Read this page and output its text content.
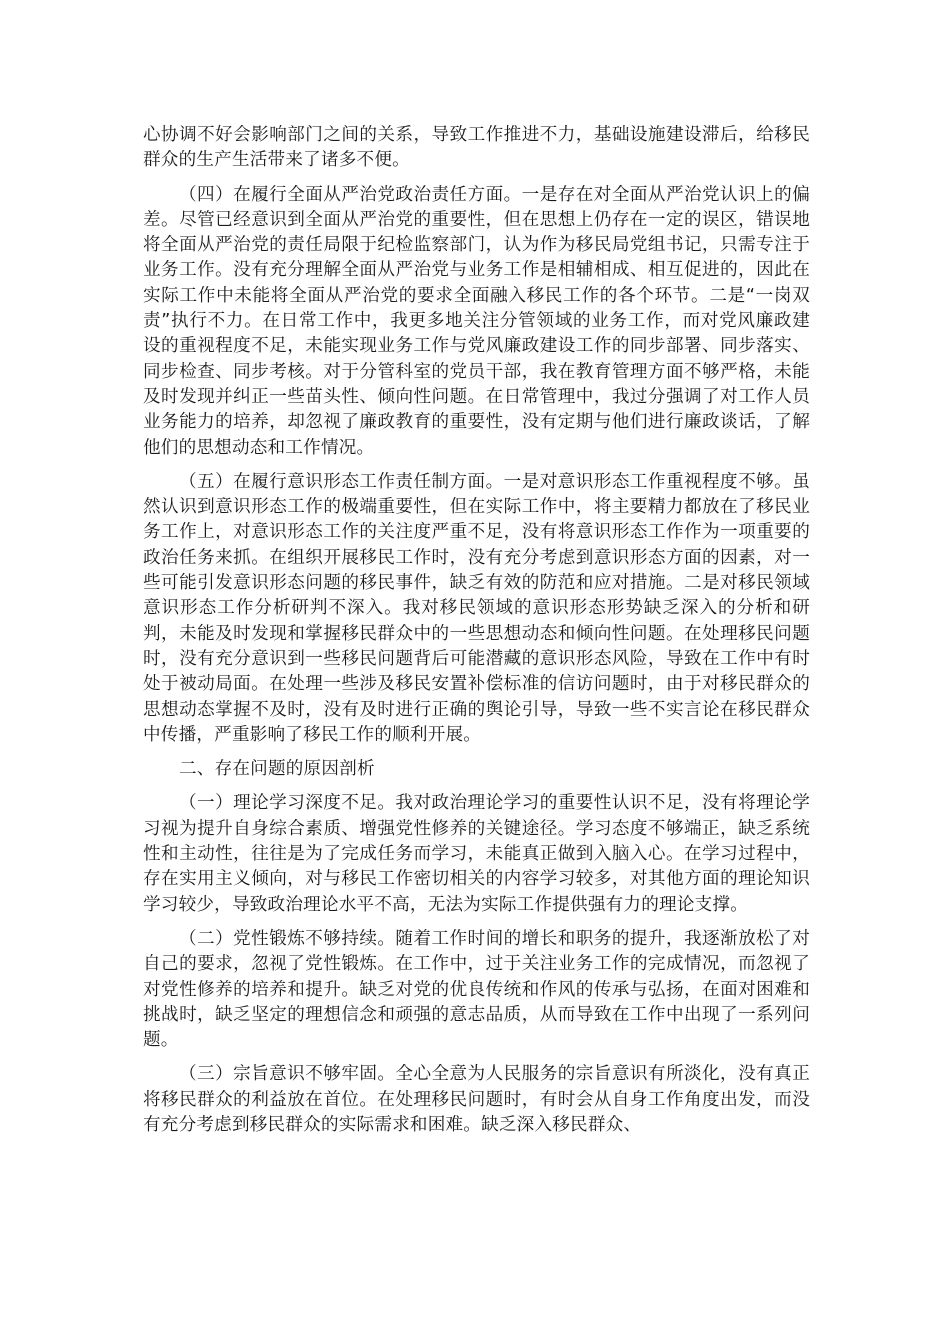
心协调不好会影响部门之间的关系，导致工作推进不力，基础设施建设滞后，给移民群众的生产生活带来了诸多不便。

（四）在履行全面从严治党政治责任方面。一是存在对全面从严治党认识上的偏差。尽管已经意识到全面从严治党的重要性，但在思想上仍存在一定的误区，错误地将全面从严治党的责任局限于纪检监察部门，认为作为移民局党组书记，只需专注于业务工作。没有充分理解全面从严治党与业务工作是相辅相成、相互促进的，因此在实际工作中未能将全面从严治党的要求全面融入移民工作的各个环节。二是“一岗双责”执行不力。在日常工作中，我更多地关注分管领域的业务工作，而对党风廉政建设的重视程度不足，未能实现业务工作与党风廉政建设工作的同步部署、同步落实、同步检查、同步考核。对于分管科室的党员干部，我在教育管理方面不够严格，未能及时发现并纠正一些苗头性、倾向性问题。在日常管理中，我过分强调了对工作人员业务能力的培养，却忽视了廉政教育的重要性，没有定期与他们进行廉政谈话，了解他们的思想动态和工作情况。

（五）在履行意识形态工作责任制方面。一是对意识形态工作重视程度不够。虽然认识到意识形态工作的极端重要性，但在实际工作中，将主要精力都放在了移民业务工作上，对意识形态工作的关注度严重不足，没有将意识形态工作作为一项重要的政治任务来抓。在组织开展移民工作时，没有充分考虑到意识形态方面的因素，对一些可能引发意识形态问题的移民事件，缺乏有效的防范和应对措施。二是对移民领域意识形态工作分析研判不深入。我对移民领域的意识形态形势缺乏深入的分析和研判，未能及时发现和掌握移民群众中的一些思想动态和倾向性问题。在处理移民问题时，没有充分意识到一些移民问题背后可能潜藏的意识形态风险，导致在工作中有时处于被动局面。在处理一些涉及移民安置补偿标准的信访问题时，由于对移民群众的思想动态掌握不及时，没有及时进行正确的舆论引导，导致一些不实言论在移民群众中传播，严重影响了移民工作的顺利开展。

二、存在问题的原因剖析

（一）理论学习深度不足。我对政治理论学习的重要性认识不足，没有将理论学习视为提升自身综合素质、增强党性修养的关键途径。学习态度不够端正，缺乏系统性和主动性，往往是为了完成任务而学习，未能真正做到入脑入心。在学习过程中，存在实用主义倾向，对与移民工作密切相关的内容学习较多，对其他方面的理论知识学习较少，导致政治理论水平不高，无法为实际工作提供强有力的理论支撑。

（二）党性锻炼不够持续。随着工作时间的增长和职务的提升，我逐渐放松了对自己的要求，忽视了党性锻炼。在工作中，过于关注业务工作的完成情况，而忽视了对党性修养的培养和提升。缺乏对党的优良传统和作风的传承与弘扬，在面对困难和挑战时，缺乏坚定的理想信念和顽强的意志品质，从而导致在工作中出现了一系列问题。

（三）宗旨意识不够牢固。全心全意为人民服务的宗旨意识有所淡化，没有真正将移民群众的利益放在首位。在处理移民问题时，有时会从自身工作角度出发，而没有充分考虑到移民群众的实际需求和困难。缺乏深入移民群众、
